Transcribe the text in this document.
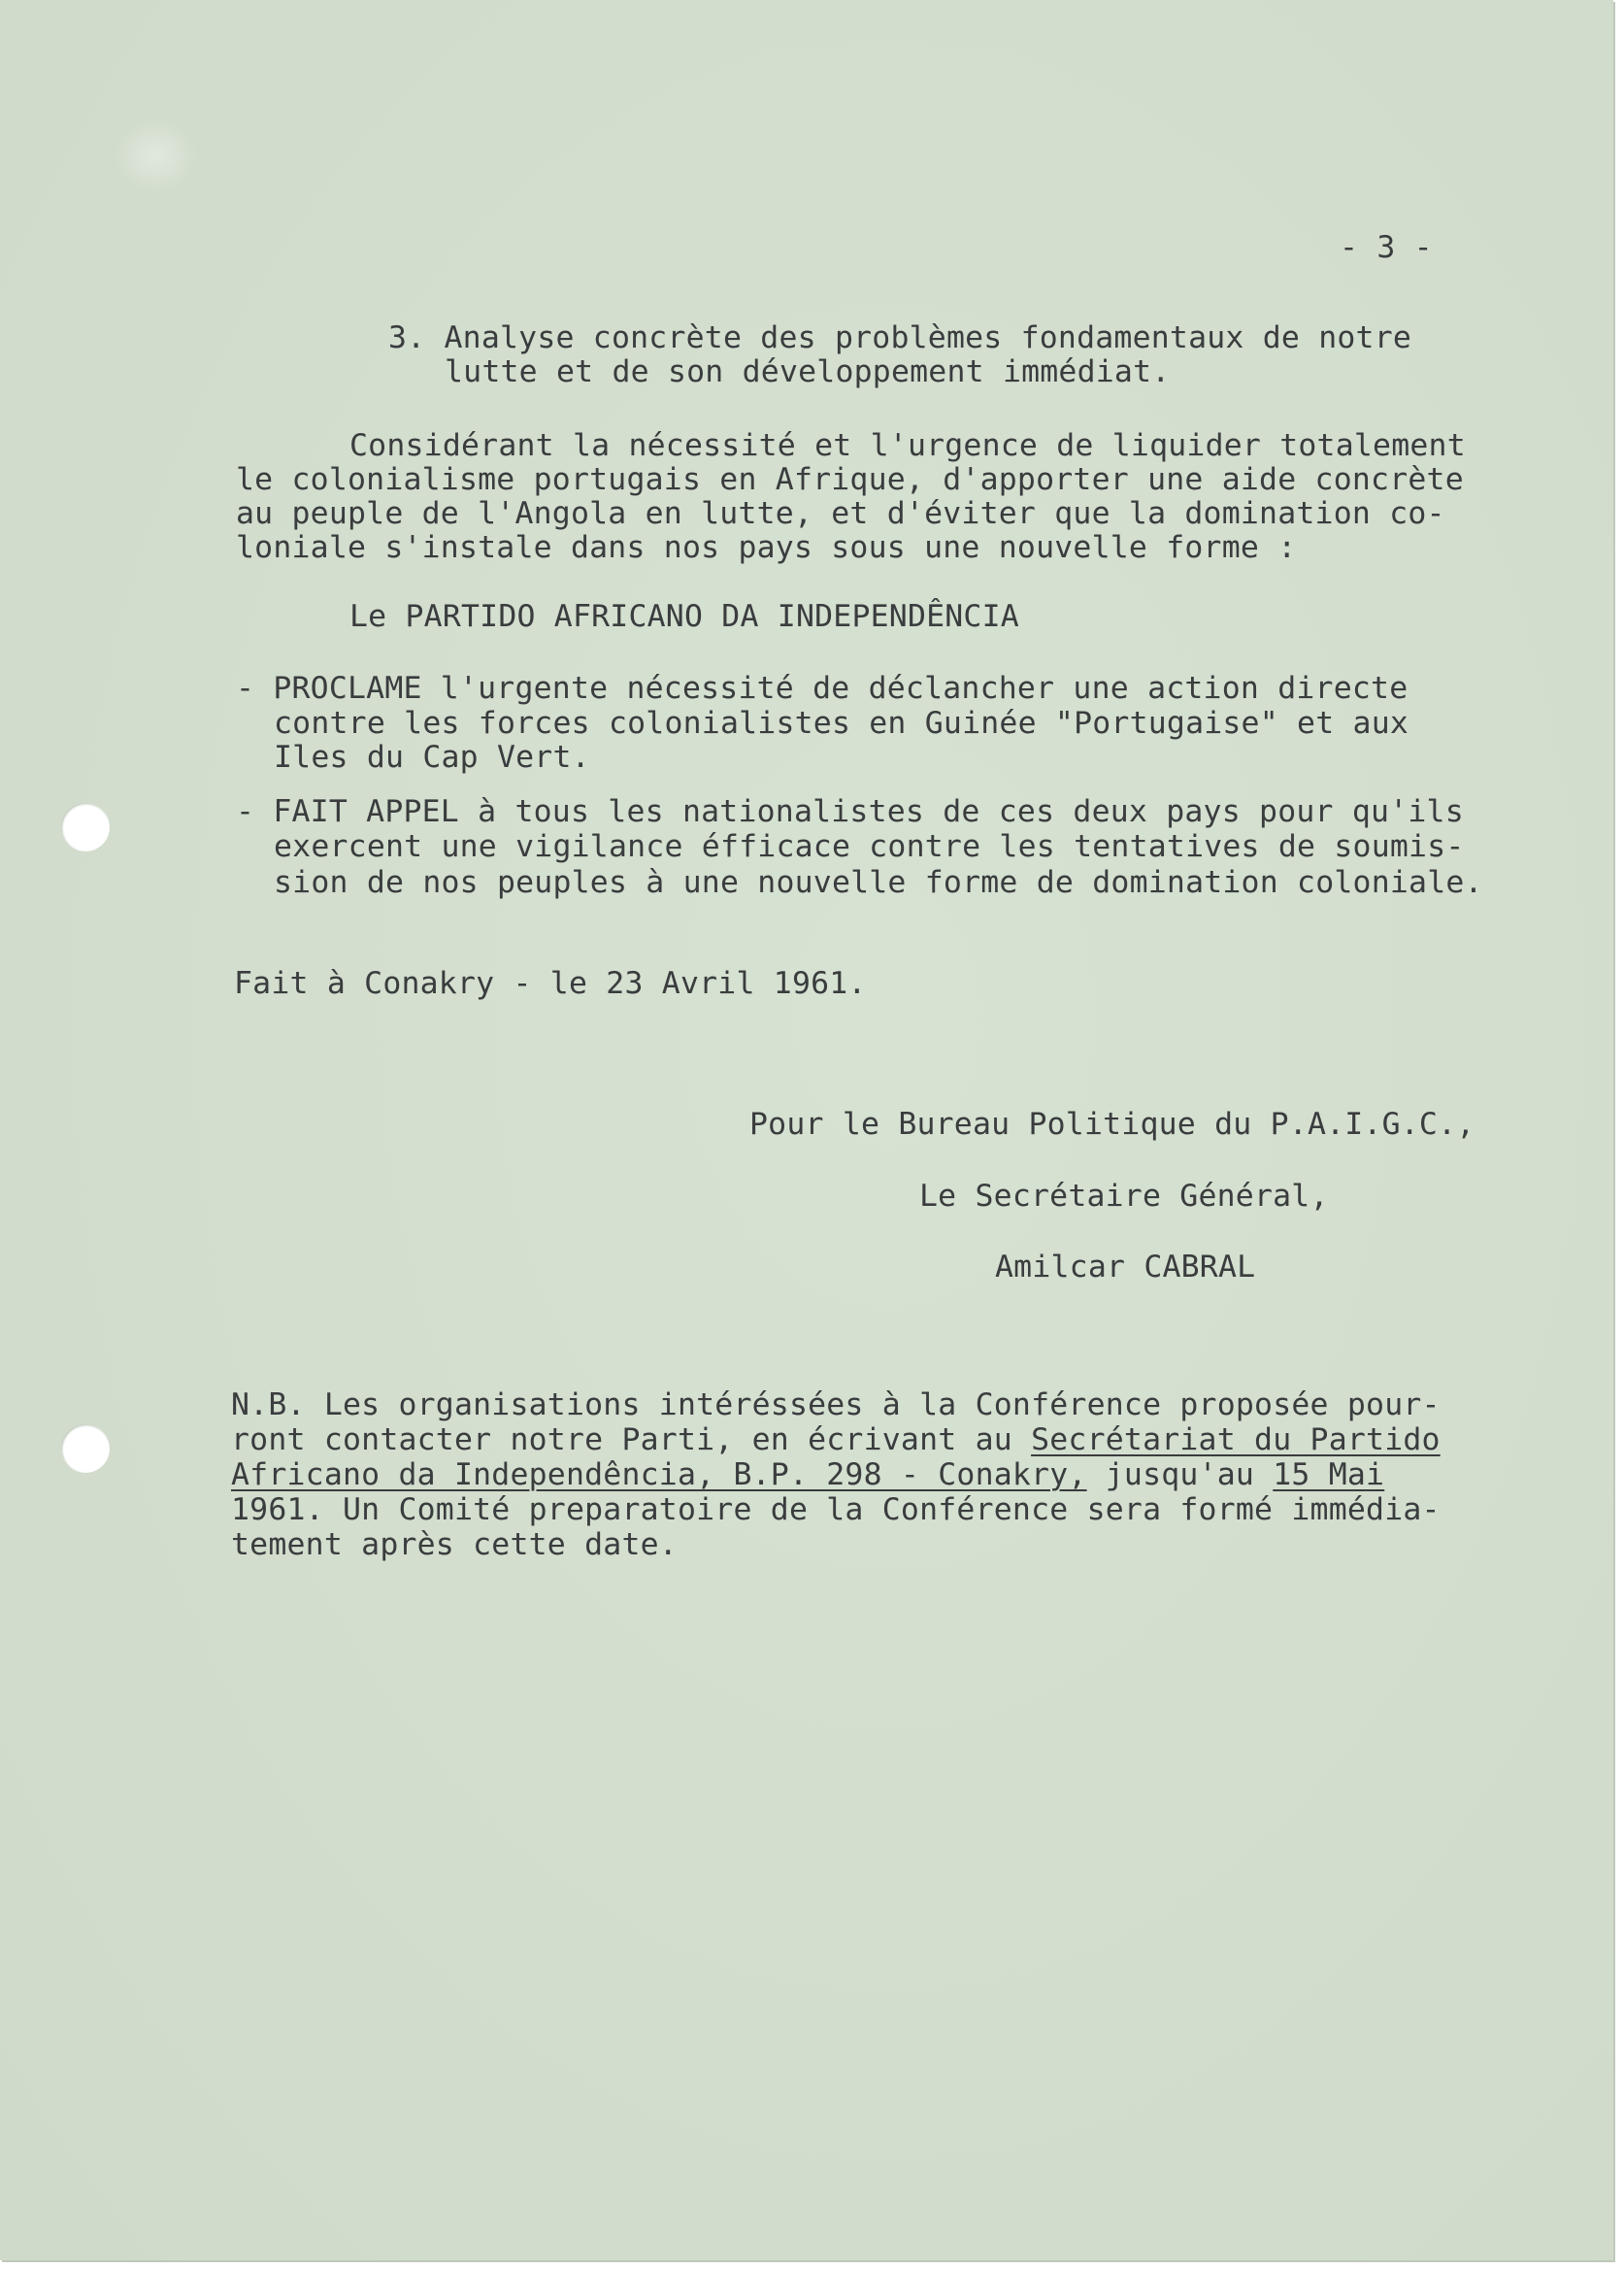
- 3 -
3. Analyse concrète des problèmes fondamentaux de notre
lutte et de son développement immédiat.
Considérant la nécessité et l'urgence de liquider totalement
le colonialisme portugais en Afrique, d'apporter une aide concrète
au peuple de l'Angola en lutte, et d'éviter que la domination co-
loniale s'instale dans nos pays sous une nouvelle forme :
Le PARTIDO AFRICANO DA INDEPENDÊNCIA
- PROCLAME l'urgente nécessité de déclancher une action directe
contre les forces colonialistes en Guinée "Portugaise" et aux
Iles du Cap Vert.
- FAIT APPEL à tous les nationalistes de ces deux pays pour qu'ils
exercent une vigilance éfficace contre les tentatives de soumis-
sion de nos peuples à une nouvelle forme de domination coloniale.
Fait à Conakry - le 23 Avril 1961.
Pour le Bureau Politique du P.A.I.G.C.,
Le Secrétaire Général,
Amilcar CABRAL
N.B. Les organisations intéréssées à la Conférence proposée pour-
ront contacter notre Parti, en écrivant au Secrétariat du Partido
Africano da Independência, B.P. 298 - Conakry, jusqu'au 15 Mai
1961. Un Comité preparatoire de la Conférence sera formé immédia-
tement après cette date.
